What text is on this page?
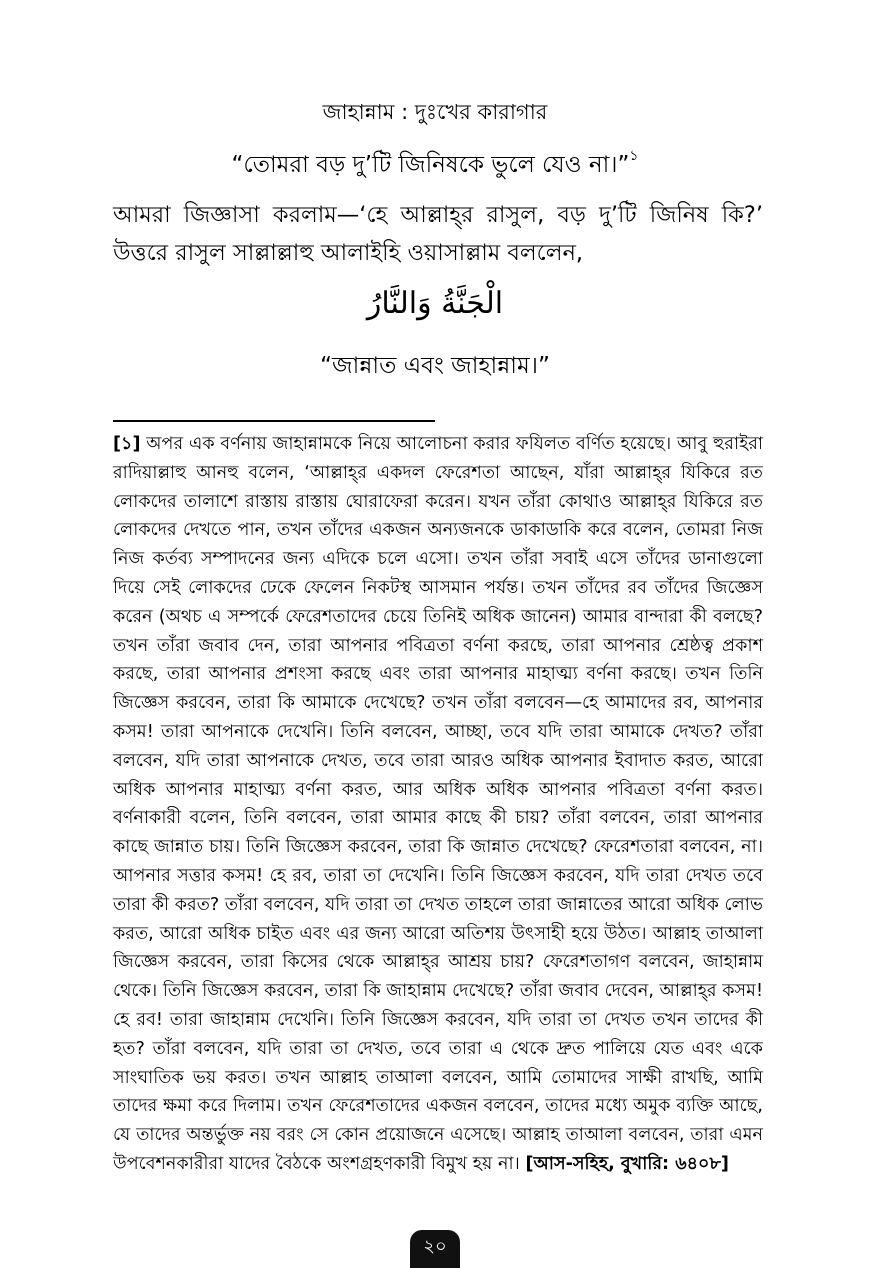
জাহান্নাম : দুঃখের কারাগার
“তোমরা বড় দু’টি জিনিষকে ভুলে যেও না।”$^১$
আমরা জিজ্ঞাসা করলাম—‘হে আল্লাহ্‌র রাসুল, বড় দু’টি জিনিষ কি?’ উত্তরে রাসুল সাল্লাল্লাহু আলাইহি ওয়াসাল্লাম বললেন,
الْجَنَّةُ وَالنَّارُ
“জান্নাত এবং জাহান্নাম।”
[১] অপর এক বর্ণনায় জাহান্নামকে নিয়ে আলোচনা করার ফযিলত বর্ণিত হয়েছে। আবু হুরাইরা রাদিয়াল্লাহু আনহু বলেন, ‘আল্লাহ্‌র একদল ফেরেশতা আছেন, যাঁরা আল্লাহ্‌র যিকিরে রত লোকদের তালাশে রাস্তায় রাস্তায় ঘোরাফেরা করেন। যখন তাঁরা কোথাও আল্লাহ্‌র যিকিরে রত লোকদের দেখতে পান, তখন তাঁদের একজন অন্যজনকে ডাকাডাকি করে বলেন, তোমরা নিজ নিজ কর্তব্য সম্পাদনের জন্য এদিকে চলে এসো। তখন তাঁরা সবাই এসে তাঁদের ডানাগুলো দিয়ে সেই লোকদের ঢেকে ফেলেন নিকটস্থ আসমান পর্যন্ত। তখন তাঁদের রব তাঁদের জিজ্ঞেস করেন (অথচ এ সম্পর্কে ফেরেশতাদের চেয়ে তিনিই অধিক জানেন) আমার বান্দারা কী বলছে? তখন তাঁরা জবাব দেন, তারা আপনার পবিত্রতা বর্ণনা করছে, তারা আপনার শ্রেষ্ঠত্ব প্রকাশ করছে, তারা আপনার প্রশংসা করছে এবং তারা আপনার মাহাত্ম্য বর্ণনা করছে। তখন তিনি জিজ্ঞেস করবেন, তারা কি আমাকে দেখেছে? তখন তাঁরা বলবেন—হে আমাদের রব, আপনার কসম! তারা আপনাকে দেখেনি। তিনি বলবেন, আচ্ছা, তবে যদি তারা আমাকে দেখত? তাঁরা বলবেন, যদি তারা আপনাকে দেখত, তবে তারা আরও অধিক আপনার ইবাদাত করত, আরো অধিক আপনার মাহাত্ম্য বর্ণনা করত, আর অধিক অধিক আপনার পবিত্রতা বর্ণনা করত। বর্ণনাকারী বলেন, তিনি বলবেন, তারা আমার কাছে কী চায়? তাঁরা বলবেন, তারা আপনার কাছে জান্নাত চায়। তিনি জিজ্ঞেস করবেন, তারা কি জান্নাত দেখেছে? ফেরেশতারা বলবেন, না। আপনার সত্তার কসম! হে রব, তারা তা দেখেনি। তিনি জিজ্ঞেস করবেন, যদি তারা দেখত তবে তারা কী করত? তাঁরা বলবেন, যদি তারা তা দেখত তাহলে তারা জান্নাতের আরো অধিক লোভ করত, আরো অধিক চাইত এবং এর জন্য আরো অতিশয় উৎসাহী হয়ে উঠত। আল্লাহ তাআলা জিজ্ঞেস করবেন, তারা কিসের থেকে আল্লাহ্‌র আশ্রয় চায়? ফেরেশতাগণ বলবেন, জাহান্নাম থেকে। তিনি জিজ্ঞেস করবেন, তারা কি জাহান্নাম দেখেছে? তাঁরা জবাব দেবেন, আল্লাহ্‌র কসম! হে রব! তারা জাহান্নাম দেখেনি। তিনি জিজ্ঞেস করবেন, যদি তারা তা দেখত তখন তাদের কী হত? তাঁরা বলবেন, যদি তারা তা দেখত, তবে তারা এ থেকে দ্রুত পালিয়ে যেত এবং একে সাংঘাতিক ভয় করত। তখন আল্লাহ তাআলা বলবেন, আমি তোমাদের সাক্ষী রাখছি, আমি তাদের ক্ষমা করে দিলাম। তখন ফেরেশতাদের একজন বলবেন, তাদের মধ্যে অমুক ব্যক্তি আছে, যে তাদের অন্তর্ভুক্ত নয় বরং সে কোন প্রয়োজনে এসেছে। আল্লাহ তাআলা বলবেন, তারা এমন উপবেশনকারীরা যাদের বৈঠকে অংশগ্রহণকারী বিমুখ হয় না। [আস-সহিহ, বুখারি: ৬৪০৮]
২০
